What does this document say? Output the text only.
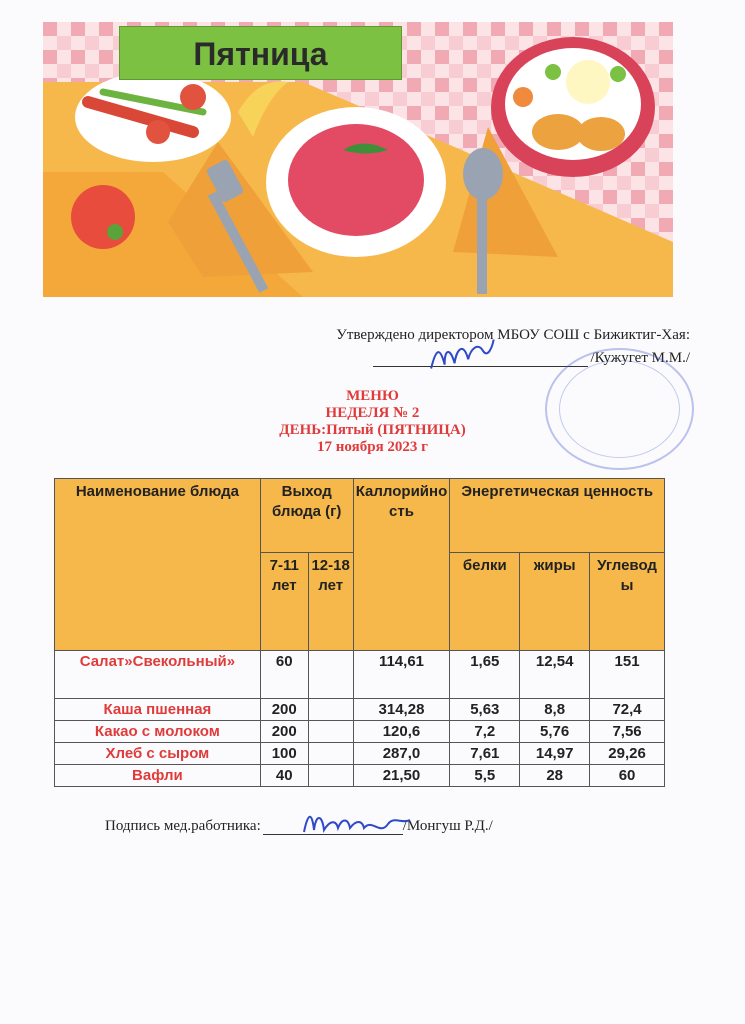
Пятница
Утверждено директором МБОУ СОШ с Бижиктиг-Хая:
/Кужугет М.М./
МЕНЮ
НЕДЕЛЯ № 2
ДЕНЬ:Пятый (ПЯТНИЦА)
17 ноября 2023 г
Наименование блюда	Выход блюда (г)		Каллорийность	Энергетическая ценность		
	7-11 лет	12-18 лет		белки	жиры	Углеводы
Салат»Свекольный»	60		114,61	1,65	12,54	151
Каша пшенная	200		314,28	5,63	8,8	72,4
Какао с молоком	200		120,6	7,2	5,76	7,56
Хлеб с сыром	100		287,0	7,61	14,97	29,26
Вафли	40		21,50	5,5	28	60
Подпись мед.работника:	/Монгуш Р.Д./
